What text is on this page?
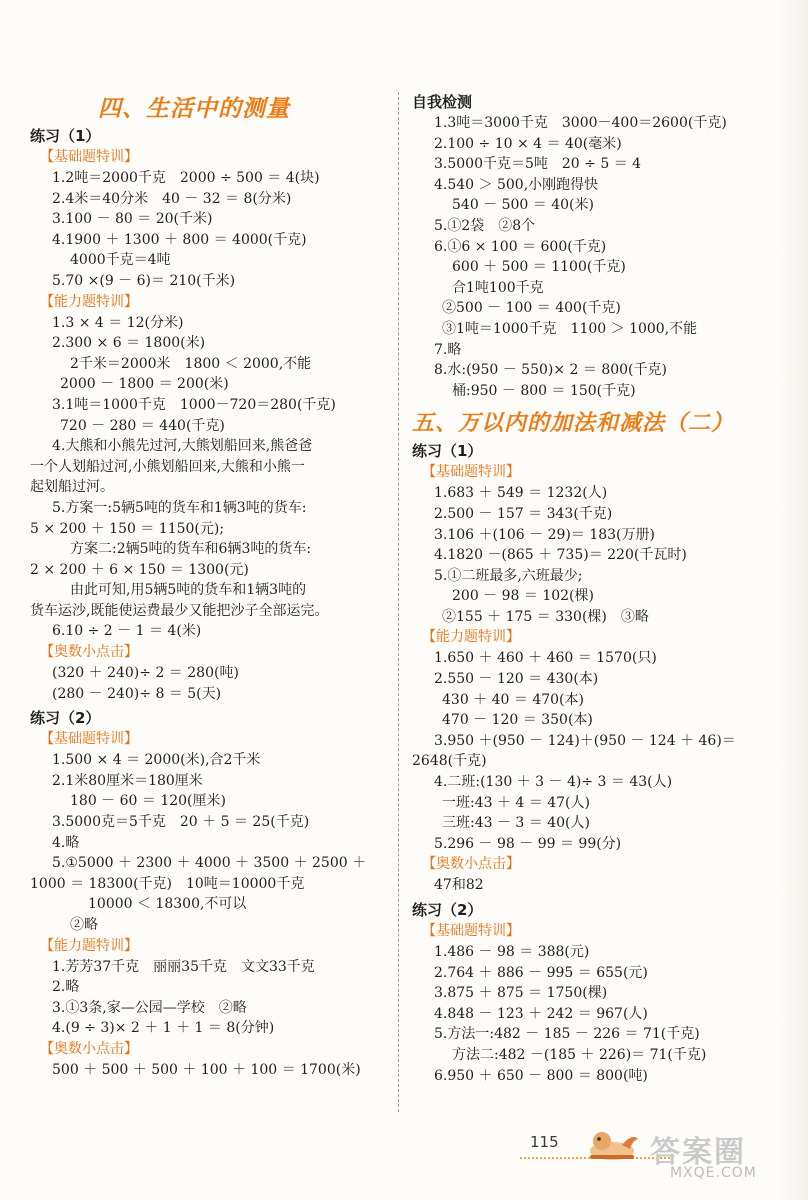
四、生活中的测量
练习（1）
【基础题特训】
1.2吨＝2000千克　2000 ÷ 500 ＝ 4(块)
2.4米＝40分米　40 － 32 ＝ 8(分米)
3.100 － 80 ＝ 20(千米)
4.1900 ＋ 1300 ＋ 800 ＝ 4000(千克)
4000千克＝4吨
5.70 ×(9 － 6)＝ 210(千米)
【能力题特训】
1.3 × 4 ＝ 12(分米)
2.300 × 6 ＝ 1800(米)
2千米＝2000米　1800 ＜ 2000,不能
2000 － 1800 ＝ 200(米)
3.1吨＝1000千克　1000－720＝280(千克)
720 － 280 ＝ 440(千克)
4.大熊和小熊先过河,大熊划船回来,熊爸爸
一个人划船过河,小熊划船回来,大熊和小熊一
起划船过河。
5.方案一:5辆5吨的货车和1辆3吨的货车:
5 × 200 ＋ 150 ＝ 1150(元);
方案二:2辆5吨的货车和6辆3吨的货车:
2 × 200 ＋ 6 × 150 ＝ 1300(元)
由此可知,用5辆5吨的货车和1辆3吨的
货车运沙,既能使运费最少又能把沙子全部运完。
6.10 ÷ 2 － 1 ＝ 4(米)
【奥数小点击】
(320 ＋ 240)÷ 2 ＝ 280(吨)
(280 － 240)÷ 8 ＝ 5(天)
练习（2）
【基础题特训】
1.500 × 4 ＝ 2000(米),合2千米
2.1米80厘米＝180厘米
180 － 60 ＝ 120(厘米)
3.5000克＝5千克　20 ＋ 5 ＝ 25(千克)
4.略
5.①5000 ＋ 2300 ＋ 4000 ＋ 3500 ＋ 2500 ＋
1000 ＝ 18300(千克)　10吨＝10000千克
10000 ＜ 18300,不可以
②略
【能力题特训】
1.芳芳37千克　丽丽35千克　文文33千克
2.略
3.①3条,家—公园—学校　②略
4.(9 ÷ 3)× 2 ＋ 1 ＋ 1 ＝ 8(分钟)
【奥数小点击】
500 ＋ 500 ＋ 500 ＋ 100 ＋ 100 ＝ 1700(米)
自我检测
1.3吨＝3000千克　3000－400＝2600(千克)
2.100 ÷ 10 × 4 ＝ 40(毫米)
3.5000千克＝5吨　20 ÷ 5 ＝ 4
4.540 ＞ 500,小刚跑得快
540 － 500 ＝ 40(米)
5.①2袋　②8个
6.①6 × 100 ＝ 600(千克)
600 ＋ 500 ＝ 1100(千克)
合1吨100千克
②500 － 100 ＝ 400(千克)
③1吨＝1000千克　1100 ＞ 1000,不能
7.略
8.水:(950 － 550)× 2 ＝ 800(千克)
桶:950 － 800 ＝ 150(千克)
五、万以内的加法和减法（二）
练习（1）
【基础题特训】
1.683 ＋ 549 ＝ 1232(人)
2.500 － 157 ＝ 343(千克)
3.106 ＋(106 － 29)＝ 183(万册)
4.1820 －(865 ＋ 735)＝ 220(千瓦时)
5.①二班最多,六班最少;
200 － 98 ＝ 102(棵)
②155 ＋ 175 ＝ 330(棵)　③略
【能力题特训】
1.650 ＋ 460 ＋ 460 ＝ 1570(只)
2.550 － 120 ＝ 430(本)
430 ＋ 40 ＝ 470(本)
470 － 120 ＝ 350(本)
3.950 ＋(950 － 124)＋(950 － 124 ＋ 46)＝
2648(千克)
4.二班:(130 ＋ 3 － 4)÷ 3 ＝ 43(人)
一班:43 ＋ 4 ＝ 47(人)
三班:43 － 3 ＝ 40(人)
5.296 － 98 － 99 ＝ 99(分)
【奥数小点击】
47和82
练习（2）
【基础题特训】
1.486 － 98 ＝ 388(元)
2.764 ＋ 886 － 995 ＝ 655(元)
3.875 ＋ 875 ＝ 1750(棵)
4.848 － 123 ＋ 242 ＝ 967(人)
5.方法一:482 － 185 － 226 ＝ 71(千克)
方法二:482 －(185 ＋ 226)＝ 71(千克)
6.950 ＋ 650 － 800 ＝ 800(吨)
115	答案圈
MXQE.COM
